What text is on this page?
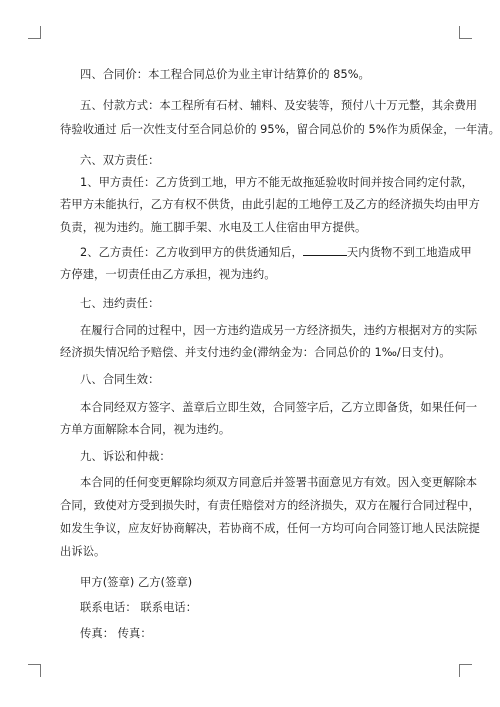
四、合同价：本工程合同总价为业主审计结算价的 85%。
五、付款方式：本工程所有石材、辅料、及安装等，预付八十万元整，其余费用
待验收通过 后一次性支付至合同总价的 95%，留合同总价的 5%作为质保金，一年清。
六、双方责任：
1、甲方责任：乙方货到工地，甲方不能无故拖延验收时间并按合同约定付款，
若甲方未能执行，乙方有权不供货，由此引起的工地停工及乙方的经济损失均由甲方
负责，视为违约。施工脚手架、水电及工人住宿由甲方提供。
2、乙方责任：乙方收到甲方的供货通知后，	天内货物不到工地造成甲
方停建，一切责任由乙方承担，视为违约。
七、违约责任：
在履行合同的过程中，因一方违约造成另一方经济损失，违约方根据对方的实际
经济损失情况给予赔偿、并支付违约金(滞纳金为：合同总价的 1‰/日支付)。
八、合同生效：
本合同经双方签字、盖章后立即生效，合同签字后，乙方立即备货，如果任何一
方单方面解除本合同，视为违约。
九、诉讼和仲裁：
本合同的任何变更解除均须双方同意后并签署书面意见方有效。因入变更解除本
合同，致使对方受到损失时，有责任赔偿对方的经济损失，双方在履行合同过程中，
如发生争议，应友好协商解决，若协商不成，任何一方均可向合同签订地人民法院提
出诉讼。
甲方(签章) 乙方(签章)
联系电话： 联系电话：
传真： 传真：
